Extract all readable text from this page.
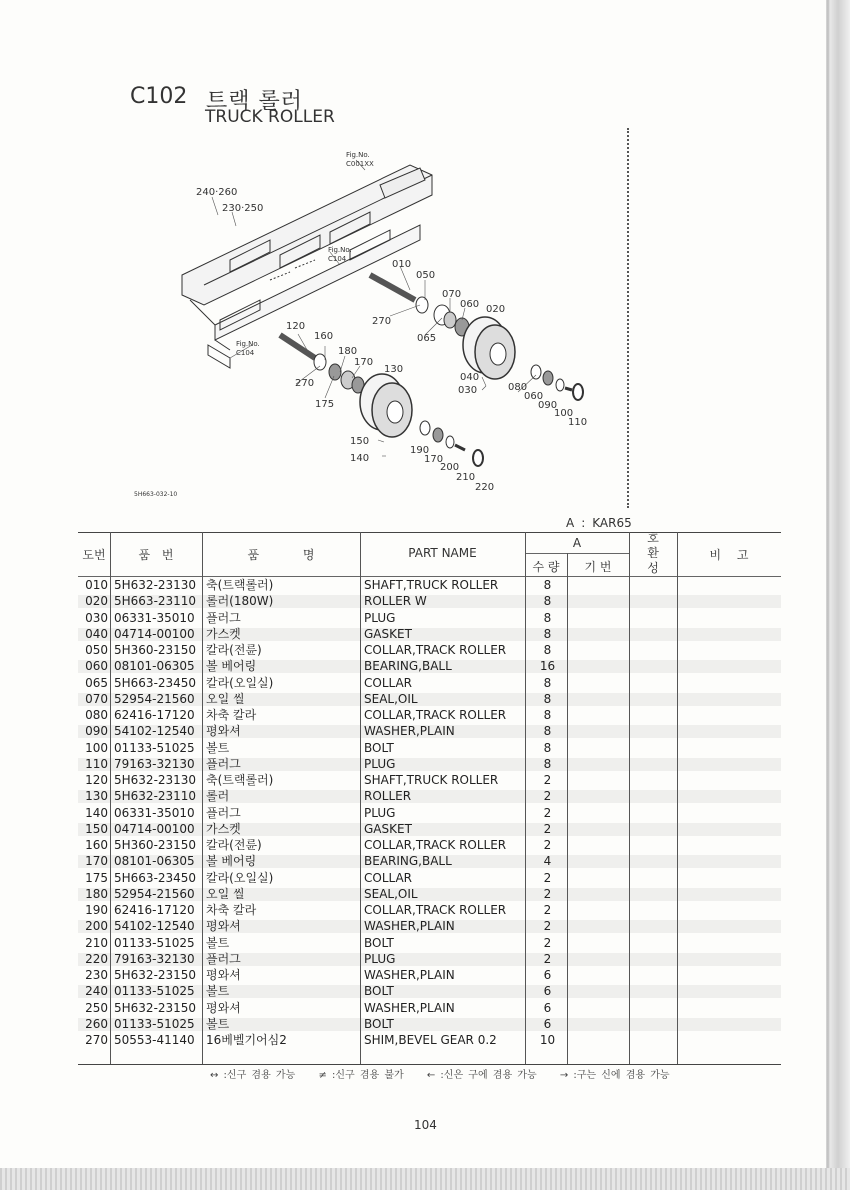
C102 트랙 롤러
TRUCK ROLLER
240·260
230·250
010
050
070
060 020
270
065
120
160
180
170
130
270
175
040
030	080
060
090
100
110
150
140
190
170
200
210
220
Fig.No.
C001XX
Fig.No.
C104
Fig.No.
C104
5H663-032-10
A : KAR65
도번	품 번	품 명	PART NAME
A
수 량	기 번
호
환
성
비 고
010 5H632-23130 축(트랙롤러)	SHAFT,TRUCK ROLLER	8
020 5H663-23110 롤러(180W)	ROLLER W	8
030 06331-35010 플러그	PLUG	8
040 04714-00100 가스켓	GASKET	8
050 5H360-23150 칼라(전륜)	COLLAR,TRACK ROLLER	8
060 08101-06305 볼 베어링	BEARING,BALL	16
065 5H663-23450 칼라(오일실)	COLLAR	8
070 52954-21560 오일 씰	SEAL,OIL	8
080 62416-17120 차축 칼라	COLLAR,TRACK ROLLER	8
090 54102-12540 평와셔	WASHER,PLAIN	8
100 01133-51025 볼트	BOLT	8
110 79163-32130 플러그	PLUG	8
120 5H632-23130 축(트랙롤러)	SHAFT,TRUCK ROLLER	2
130 5H632-23110 롤러	ROLLER	2
140 06331-35010 플러그	PLUG	2
150 04714-00100 가스켓	GASKET	2
160 5H360-23150 칼라(전륜)	COLLAR,TRACK ROLLER	2
170 08101-06305 볼 베어링	BEARING,BALL	4
175 5H663-23450 칼라(오일실)	COLLAR	2
180 52954-21560 오일 씰	SEAL,OIL	2
190 62416-17120 차축 칼라	COLLAR,TRACK ROLLER	2
200 54102-12540 평와셔	WASHER,PLAIN	2
210 01133-51025 볼트	BOLT	2
220 79163-32130 플러그	PLUG	2
230 5H632-23150 평와셔	WASHER,PLAIN	6
240 01133-51025 볼트	BOLT	6
250 5H632-23150 평와셔	WASHER,PLAIN	6
260 01133-51025 볼트	BOLT	6
270 50553-41140 16베벨기어심2	SHIM,BEVEL GEAR 0.2	10
↔ :신구 겸용 가능 ≠ :신구 겸용 불가 ← :신은 구에 겸용 가능 → :구는 신에 겸용 가능
104
